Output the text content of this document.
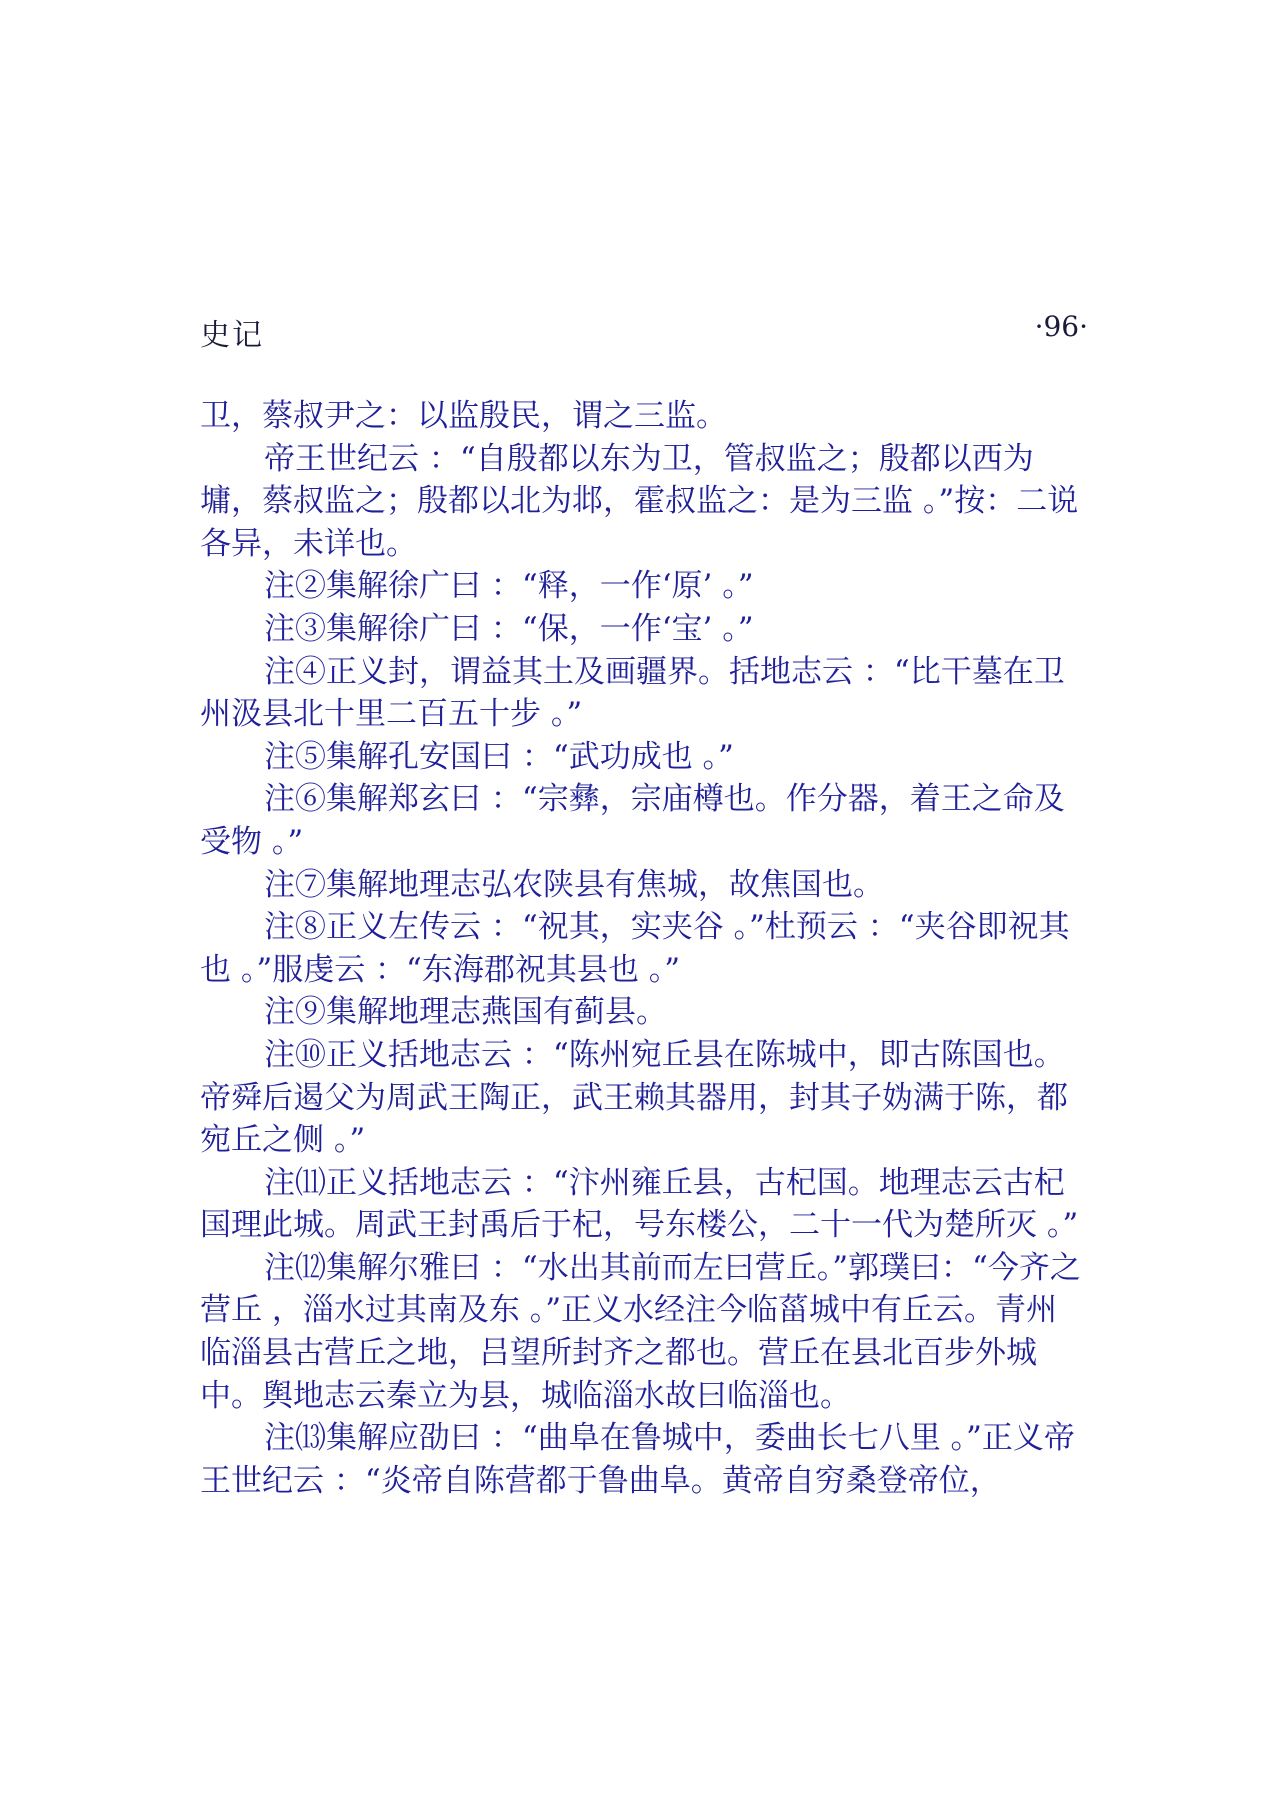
史记	·96·

卫，蔡叔尹之：以监殷民，谓之三监。

帝王世纪云 ：“自殷都以东为卫，管叔监之；殷都以西为墉，蔡叔监之；殷都以北为邶，霍叔监之：是为三监 。”按：二说各异，未详也。

注②集解徐广曰 ：“释，一作‘原’ 。”

注③集解徐广曰 ：“保，一作‘宝’ 。”

注④正义封，谓益其土及画疆界。括地志云 ：“比干墓在卫州汲县北十里二百五十步 。”

注⑤集解孔安国曰 ：“武功成也 。”

注⑥集解郑玄曰 ：“宗彝，宗庙樽也。作分器，着王之命及受物 。”

注⑦集解地理志弘农陕县有焦城，故焦国也。

注⑧正义左传云 ：“祝其，实夹谷 。”杜预云 ：“夹谷即祝其也 。”服虔云 ：“东海郡祝其县也 。”

注⑨集解地理志燕国有蓟县。

注⑩正义括地志云 ：“陈州宛丘县在陈城中，即古陈国也。帝舜后遏父为周武王陶正，武王赖其器用，封其子妫满于陈，都宛丘之侧 。”

注⑾正义括地志云 ：“汴州雍丘县，古杞国。地理志云古杞国理此城。周武王封禹后于杞，号东楼公，二十一代为楚所灭 。”

注⑿集解尔雅曰 ：“水出其前而左曰营丘。”郭璞曰：“今齐之营丘 ，淄水过其南及东 。”正义水经注今临菑城中有丘云。青州临淄县古营丘之地，吕望所封齐之都也。营丘在县北百步外城中。舆地志云秦立为县，城临淄水故曰临淄也。

注⒀集解应劭曰 ：“曲阜在鲁城中，委曲长七八里 。”正义帝王世纪云 ：“炎帝自陈营都于鲁曲阜。黄帝自穷桑登帝位，
